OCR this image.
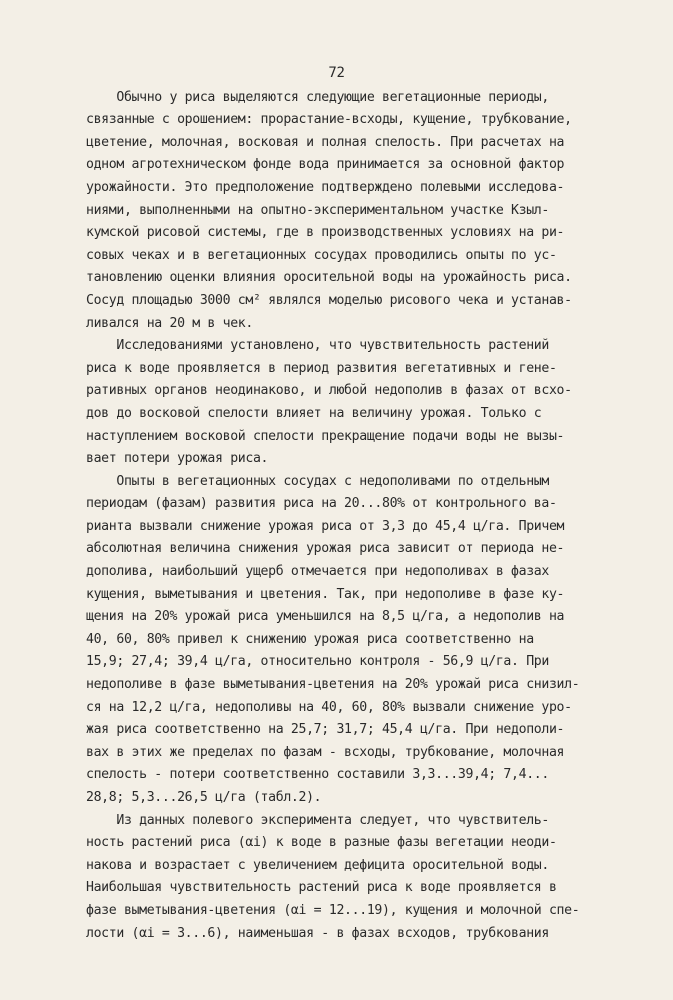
72
Обычно у риса выделяются следующие вегетационные периоды,
связанные с орошением: прорастание-всходы, кущение, трубкование,
цветение, молочная, восковая и полная спелость. При расчетах на
одном агротехническом фонде вода принимается за основной фактор
урожайности. Это предположение подтверждено полевыми исследова-
ниями, выполненными на опытно-экспериментальном участке Кзыл-
кумской рисовой системы, где в производственных условиях на ри-
совых чеках и в вегетационных сосудах проводились опыты по ус-
тановлению оценки влияния оросительной воды на урожайность риса.
Сосуд площадью 3000 см² являлся моделью рисового чека и устанав-
ливался на 20 м в чек.
Исследованиями установлено, что чувствительность растений
риса к воде проявляется в период развития вегетативных и гене-
ративных органов неодинаково, и любой недополив в фазах от всхо-
дов до восковой спелости влияет на величину урожая. Только с
наступлением восковой спелости прекращение подачи воды не вызы-
вает потери урожая риса.
Опыты в вегетационных сосудах с недополивами по отдельным
периодам (фазам) развития риса на 20...80% от контрольного ва-
рианта вызвали снижение урожая риса от 3,3 до 45,4 ц/га. Причем
абсолютная величина снижения урожая риса зависит от периода не-
дополива, наибольший ущерб отмечается при недополивах в фазах
кущения, выметывания и цветения. Так, при недополиве в фазе ку-
щения на 20% урожай риса уменьшился на 8,5 ц/га, а недополив на
40, 60, 80% привел к снижению урожая риса соответственно на
15,9; 27,4; 39,4 ц/га, относительно контроля - 56,9 ц/га. При
недополиве в фазе выметывания-цветения на 20% урожай риса снизил-
ся на 12,2 ц/га, недополивы на 40, 60, 80% вызвали снижение уро-
жая риса соответственно на 25,7; 31,7; 45,4 ц/га. При недополи-
вах в этих же пределах по фазам - всходы, трубкование, молочная
спелость - потери соответственно составили 3,3...39,4; 7,4...
28,8; 5,3...26,5 ц/га (табл.2).
Из данных полевого эксперимента следует, что чувствитель-
ность растений риса (αi) к воде в разные фазы вегетации неоди-
накова и возрастает с увеличением дефицита оросительной воды.
Наибольшая чувствительность растений риса к воде проявляется в
фазе выметывания-цветения (αi = 12...19), кущения и молочной спе-
лости (αi = 3...6), наименьшая - в фазах всходов, трубкования
